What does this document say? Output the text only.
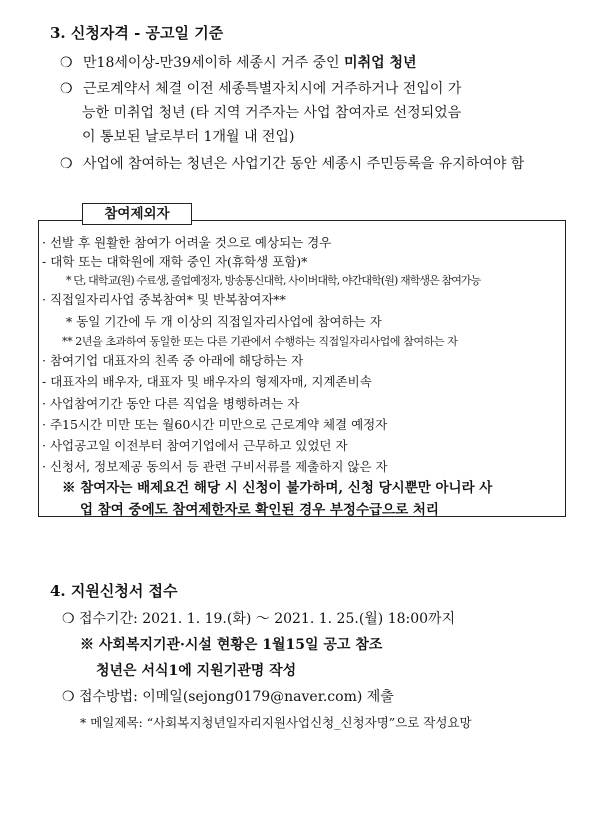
3. 신청자격 - 공고일 기준
❍ 만18세이상-만39세이하 세종시 거주 중인 미취업 청년
❍ 근로계약서 체결 이전 세종특별자치시에 거주하거나 전입이 가
능한 미취업 청년 (타 지역 거주자는 사업 참여자로 선정되었음
이 통보된 날로부터 1개월 내 전입)
❍ 사업에 참여하는 청년은 사업기간 동안 세종시 주민등록을 유지하여야 함
참여제외자
· 선발 후 원활한 참여가 어려울 것으로 예상되는 경우
- 대학 또는 대학원에 재학 중인 자(휴학생 포함)*
* 단, 대학교(원) 수료생, 졸업예정자, 방송통신대학, 사이버대학, 야간대학(원) 재학생은 참여가능
· 직접일자리사업 중복참여* 및 반복참여자**
* 동일 기간에 두 개 이상의 직접일자리사업에 참여하는 자
** 2년을 초과하여 동일한 또는 다른 기관에서 수행하는 직접일자리사업에 참여하는 자
· 참여기업 대표자의 친족 중 아래에 해당하는 자
- 대표자의 배우자, 대표자 및 배우자의 형제자매, 지계존비속
· 사업참여기간 동안 다른 직업을 병행하려는 자
· 주15시간 미만 또는 월60시간 미만으로 근로계약 체결 예정자
· 사업공고일 이전부터 참여기업에서 근무하고 있었던 자
· 신청서, 정보제공 동의서 등 관련 구비서류를 제출하지 않은 자
※ 참여자는 배제요건 해당 시 신청이 불가하며, 신청 당시뿐만 아니라 사
업 참여 중에도 참여제한자로 확인된 경우 부정수급으로 처리
4. 지원신청서 접수
❍ 접수기간: 2021. 1. 19.(화) ～ 2021. 1. 25.(월) 18:00까지
※ 사회복지기관·시설 현황은 1월15일 공고 참조
청년은 서식1에 지원기관명 작성
❍ 접수방법: 이메일(sejong0179@naver.com) 제출
* 메일제목: “사회복지청년일자리지원사업신청_신청자명”으로 작성요망
